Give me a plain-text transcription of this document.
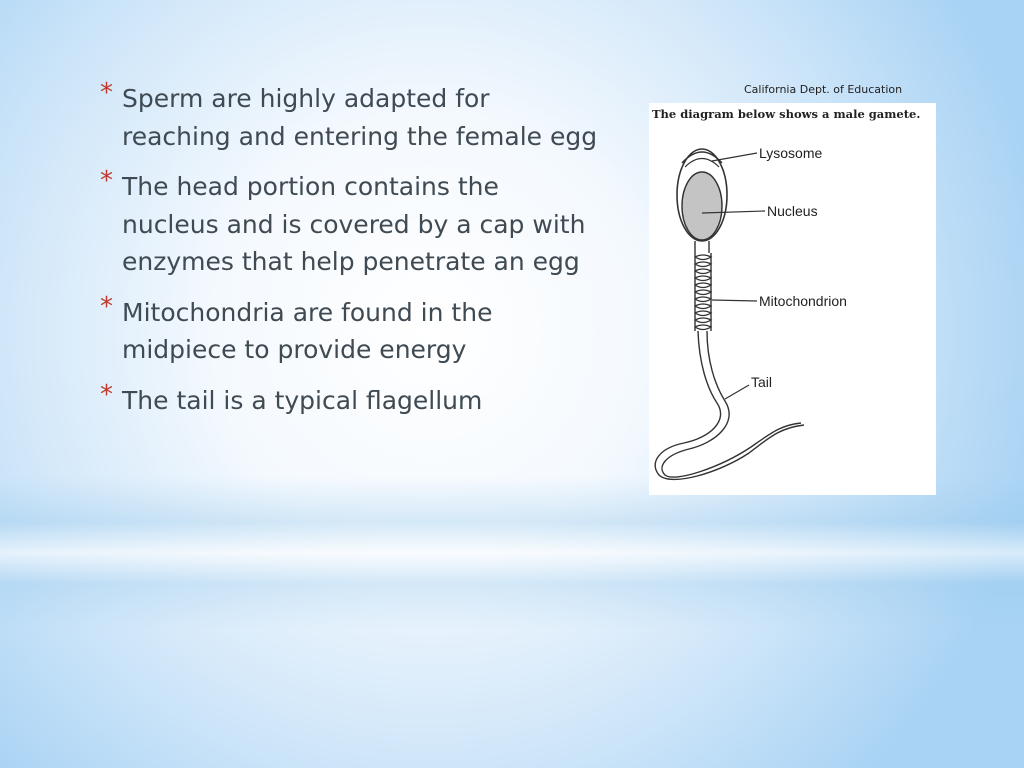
* Sperm are highly adapted for reaching and entering the female egg
* The head portion contains the nucleus and is covered by a cap with enzymes that help penetrate an egg
* Mitochondria are found in the midpiece to provide energy
* The tail is a typical flagellum
California Dept. of Education
Lysosome
Nucleus
Mitochondrion
Tail
The diagram below shows a male gamete.
